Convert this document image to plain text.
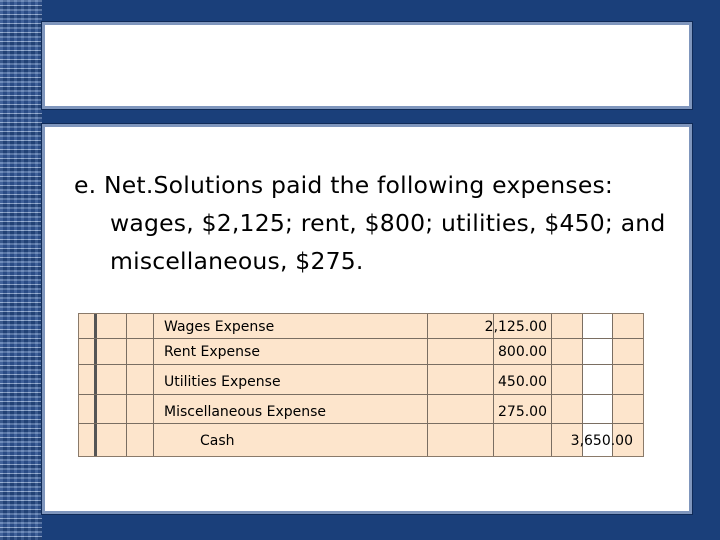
e. Net.Solutions paid the following expenses: wages, $2,125; rent, $800; utilities, $450; and miscellaneous, $275.

Wages Expense	2,125.00
Rent Expense	800.00
Utilities Expense	450.00
Miscellaneous Expense	275.00
Cash	3,650.00
